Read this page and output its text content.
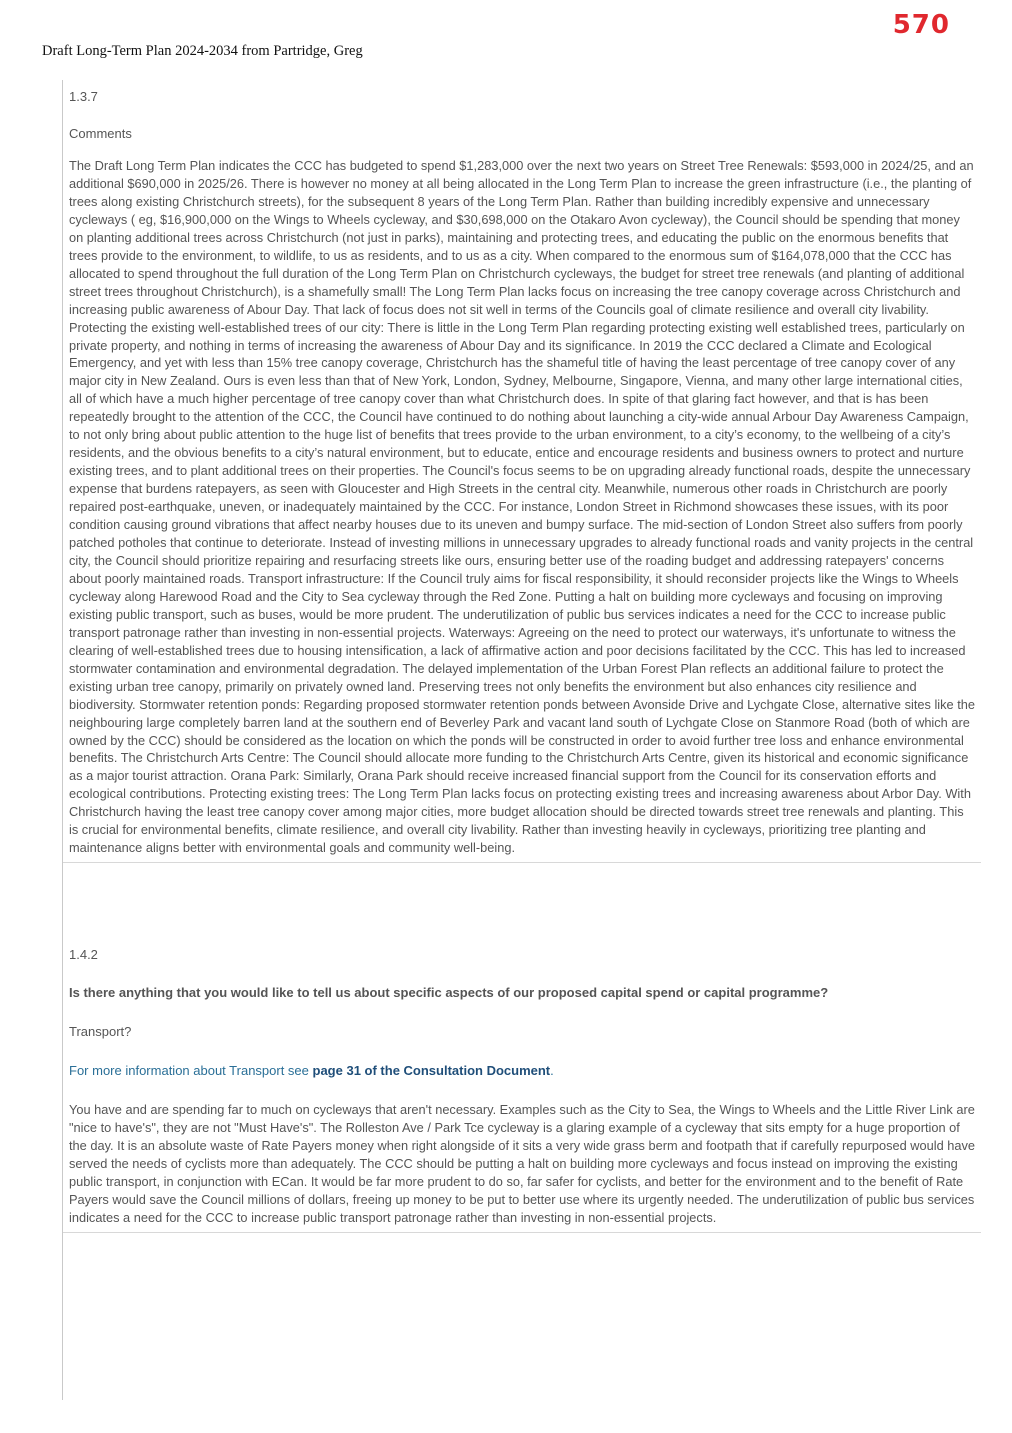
570
Draft Long-Term Plan 2024-2034 from Partridge, Greg
1.3.7
Comments
The Draft Long Term Plan indicates the CCC has budgeted to spend $1,283,000 over the next two years on Street Tree Renewals: $593,000 in 2024/25, and an additional $690,000 in 2025/26. There is however no money at all being allocated in the Long Term Plan to increase the green infrastructure (i.e., the planting of trees along existing Christchurch streets), for the subsequent 8 years of the Long Term Plan. Rather than building incredibly expensive and unnecessary cycleways ( eg, $16,900,000 on the Wings to Wheels cycleway, and $30,698,000 on the Otakaro Avon cycleway), the Council should be spending that money on planting additional trees across Christchurch (not just in parks), maintaining and protecting trees, and educating the public on the enormous benefits that trees provide to the environment, to wildlife, to us as residents, and to us as a city. When compared to the enormous sum of $164,078,000 that the CCC has allocated to spend throughout the full duration of the Long Term Plan on Christchurch cycleways, the budget for street tree renewals (and planting of additional street trees throughout Christchurch), is a shamefully small! The Long Term Plan lacks focus on increasing the tree canopy coverage across Christchurch and increasing public awareness of Abour Day. That lack of focus does not sit well in terms of the Councils goal of climate resilience and overall city livability. Protecting the existing well-established trees of our city: There is little in the Long Term Plan regarding protecting existing well established trees, particularly on private property, and nothing in terms of increasing the awareness of Abour Day and its significance. In 2019 the CCC declared a Climate and Ecological Emergency, and yet with less than 15% tree canopy coverage, Christchurch has the shameful title of having the least percentage of tree canopy cover of any major city in New Zealand. Ours is even less than that of New York, London, Sydney, Melbourne, Singapore, Vienna, and many other large international cities, all of which have a much higher percentage of tree canopy cover than what Christchurch does. In spite of that glaring fact however, and that is has been repeatedly brought to the attention of the CCC, the Council have continued to do nothing about launching a city-wide annual Arbour Day Awareness Campaign, to not only bring about public attention to the huge list of benefits that trees provide to the urban environment, to a city’s economy, to the wellbeing of a city’s residents, and the obvious benefits to a city’s natural environment, but to educate, entice and encourage residents and business owners to protect and nurture existing trees, and to plant additional trees on their properties. The Council's focus seems to be on upgrading already functional roads, despite the unnecessary expense that burdens ratepayers, as seen with Gloucester and High Streets in the central city. Meanwhile, numerous other roads in Christchurch are poorly repaired post-earthquake, uneven, or inadequately maintained by the CCC. For instance, London Street in Richmond showcases these issues, with its poor condition causing ground vibrations that affect nearby houses due to its uneven and bumpy surface. The mid-section of London Street also suffers from poorly patched potholes that continue to deteriorate. Instead of investing millions in unnecessary upgrades to already functional roads and vanity projects in the central city, the Council should prioritize repairing and resurfacing streets like ours, ensuring better use of the roading budget and addressing ratepayers' concerns about poorly maintained roads. Transport infrastructure: If the Council truly aims for fiscal responsibility, it should reconsider projects like the Wings to Wheels cycleway along Harewood Road and the City to Sea cycleway through the Red Zone. Putting a halt on building more cycleways and focusing on improving existing public transport, such as buses, would be more prudent. The underutilization of public bus services indicates a need for the CCC to increase public transport patronage rather than investing in non-essential projects. Waterways: Agreeing on the need to protect our waterways, it's unfortunate to witness the clearing of well-established trees due to housing intensification, a lack of affirmative action and poor decisions facilitated by the CCC. This has led to increased stormwater contamination and environmental degradation. The delayed implementation of the Urban Forest Plan reflects an additional failure to protect the existing urban tree canopy, primarily on privately owned land. Preserving trees not only benefits the environment but also enhances city resilience and biodiversity. Stormwater retention ponds: Regarding proposed stormwater retention ponds between Avonside Drive and Lychgate Close, alternative sites like the neighbouring large completely barren land at the southern end of Beverley Park and vacant land south of Lychgate Close on Stanmore Road (both of which are owned by the CCC) should be considered as the location on which the ponds will be constructed in order to avoid further tree loss and enhance environmental benefits. The Christchurch Arts Centre: The Council should allocate more funding to the Christchurch Arts Centre, given its historical and economic significance as a major tourist attraction. Orana Park: Similarly, Orana Park should receive increased financial support from the Council for its conservation efforts and ecological contributions. Protecting existing trees: The Long Term Plan lacks focus on protecting existing trees and increasing awareness about Arbor Day. With Christchurch having the least tree canopy cover among major cities, more budget allocation should be directed towards street tree renewals and planting. This is crucial for environmental benefits, climate resilience, and overall city livability. Rather than investing heavily in cycleways, prioritizing tree planting and maintenance aligns better with environmental goals and community well-being.
1.4.2
Is there anything that you would like to tell us about specific aspects of our proposed capital spend or capital programme?
Transport?
For more information about Transport see page 31 of the Consultation Document.
You have and are spending far to much on cycleways that aren't necessary. Examples such as the City to Sea, the Wings to Wheels and the Little River Link are "nice to have's", they are not "Must Have's". The Rolleston Ave / Park Tce cycleway is a glaring example of a cycleway that sits empty for a huge proportion of the day. It is an absolute waste of Rate Payers money when right alongside of it sits a very wide grass berm and footpath that if carefully repurposed would have served the needs of cyclists more than adequately. The CCC should be putting a halt on building more cycleways and focus instead on improving the existing public transport, in conjunction with ECan. It would be far more prudent to do so, far safer for cyclists, and better for the environment and to the benefit of Rate Payers would save the Council millions of dollars, freeing up money to be put to better use where its urgently needed. The underutilization of public bus services indicates a need for the CCC to increase public transport patronage rather than investing in non-essential projects.
